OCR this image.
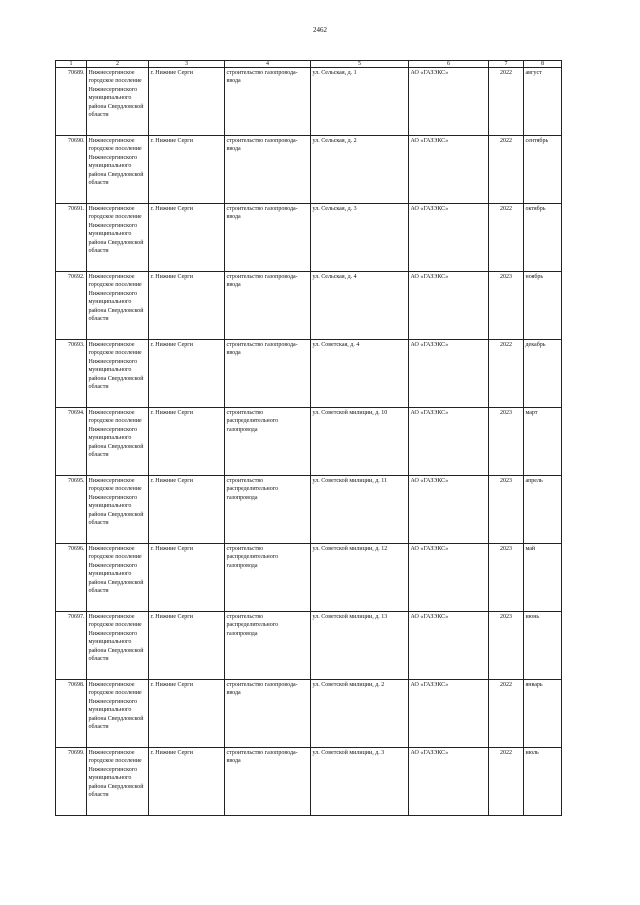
2462
1	2	3	4	5	6	7	8
70689.	Нижнесергинское городское поселение Нижнесергинского муниципального района Свердловской области	г. Нижние Серги	строительство газопровода-ввода	ул. Сельская, д. 1	АО «ГАЗЭКС»	2022	август
70690.	Нижнесергинское городское поселение Нижнесергинского муниципального района Свердловской области	г. Нижние Серги	строительство газопровода-ввода	ул. Сельская, д. 2	АО «ГАЗЭКС»	2022	сентябрь
70691.	Нижнесергинское городское поселение Нижнесергинского муниципального района Свердловской области	г. Нижние Серги	строительство газопровода-ввода	ул. Сельская, д. 3	АО «ГАЗЭКС»	2022	октябрь
70692.	Нижнесергинское городское поселение Нижнесергинского муниципального района Свердловской области	г. Нижние Серги	строительство газопровода-ввода	ул. Сельская, д. 4	АО «ГАЗЭКС»	2023	ноябрь
70693.	Нижнесергинское городское поселение Нижнесергинского муниципального района Свердловской области	г. Нижние Серги	строительство газопровода-ввода	ул. Советская, д. 4	АО «ГАЗЭКС»	2022	декабрь
70694.	Нижнесергинское городское поселение Нижнесергинского муниципального района Свердловской области	г. Нижние Серги	строительство распределительного газопровода	ул. Советской милиции, д. 10	АО «ГАЗЭКС»	2023	март
70695.	Нижнесергинское городское поселение Нижнесергинского муниципального района Свердловской области	г. Нижние Серги	строительство распределительного газопровода	ул. Советской милиции, д. 11	АО «ГАЗЭКС»	2023	апрель
70696.	Нижнесергинское городское поселение Нижнесергинского муниципального района Свердловской области	г. Нижние Серги	строительство распределительного газопровода	ул. Советской милиции, д. 12	АО «ГАЗЭКС»	2023	май
70697.	Нижнесергинское городское поселение Нижнесергинского муниципального района Свердловской области	г. Нижние Серги	строительство распределительного газопровода	ул. Советской милиции, д. 13	АО «ГАЗЭКС»	2023	июнь
70698.	Нижнесергинское городское поселение Нижнесергинского муниципального района Свердловской области	г. Нижние Серги	строительство газопровода-ввода	ул. Советской милиции, д. 2	АО «ГАЗЭКС»	2022	январь
70699.	Нижнесергинское городское поселение Нижнесергинского муниципального района Свердловской области	г. Нижние Серги	строительство газопровода-ввода	ул. Советской милиции, д. 3	АО «ГАЗЭКС»	2022	июль
